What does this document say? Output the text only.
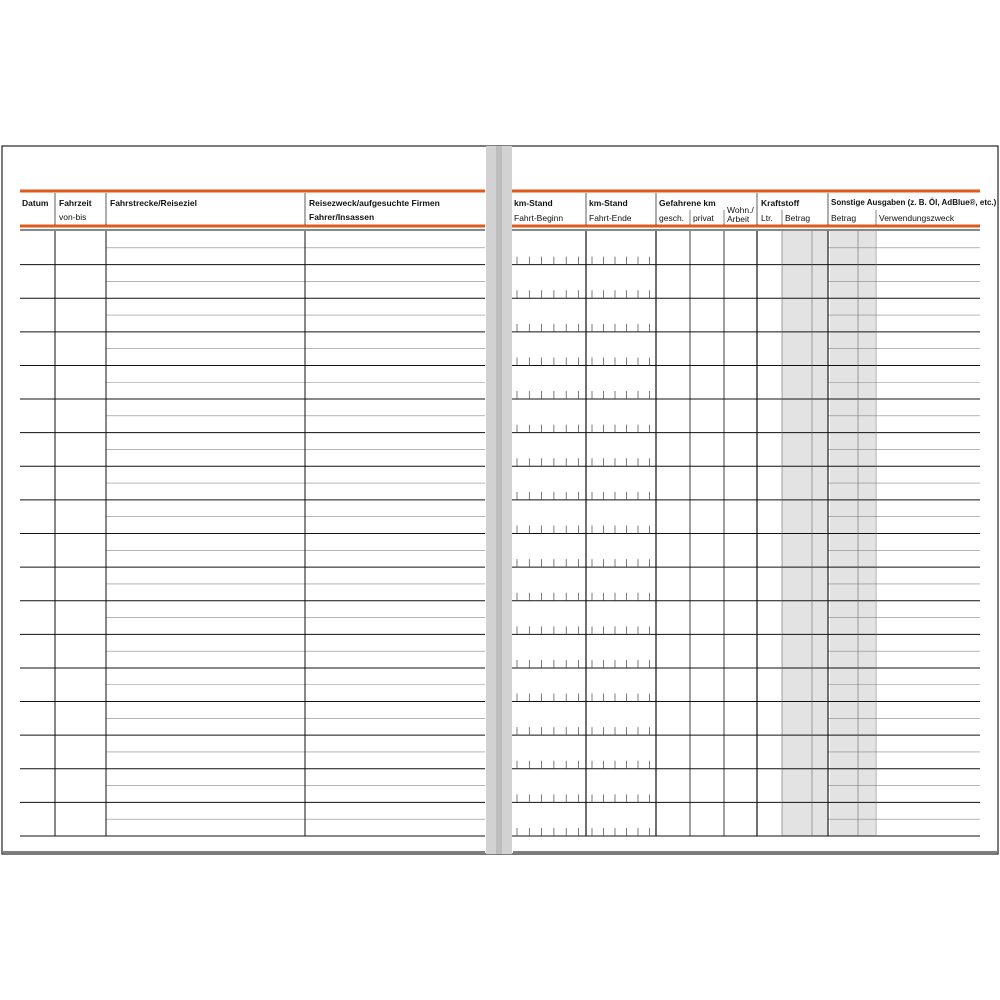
Datum Fahrzeit
von-bis
Fahrstrecke/Reiseziel	Reisezweck/aufgesuchte Firmen
Fahrer/Insassen
km-Stand
Fahrt-Beginn
km-Stand
Fahrt-Ende
Gefahrene km
gesch. privat
Wohn./
Arbeit
Kraftstoff
Ltr. Betrag
Sonstige Ausgaben (z. B. Öl, AdBlue®, etc.)
Betrag	Verwendungszweck
